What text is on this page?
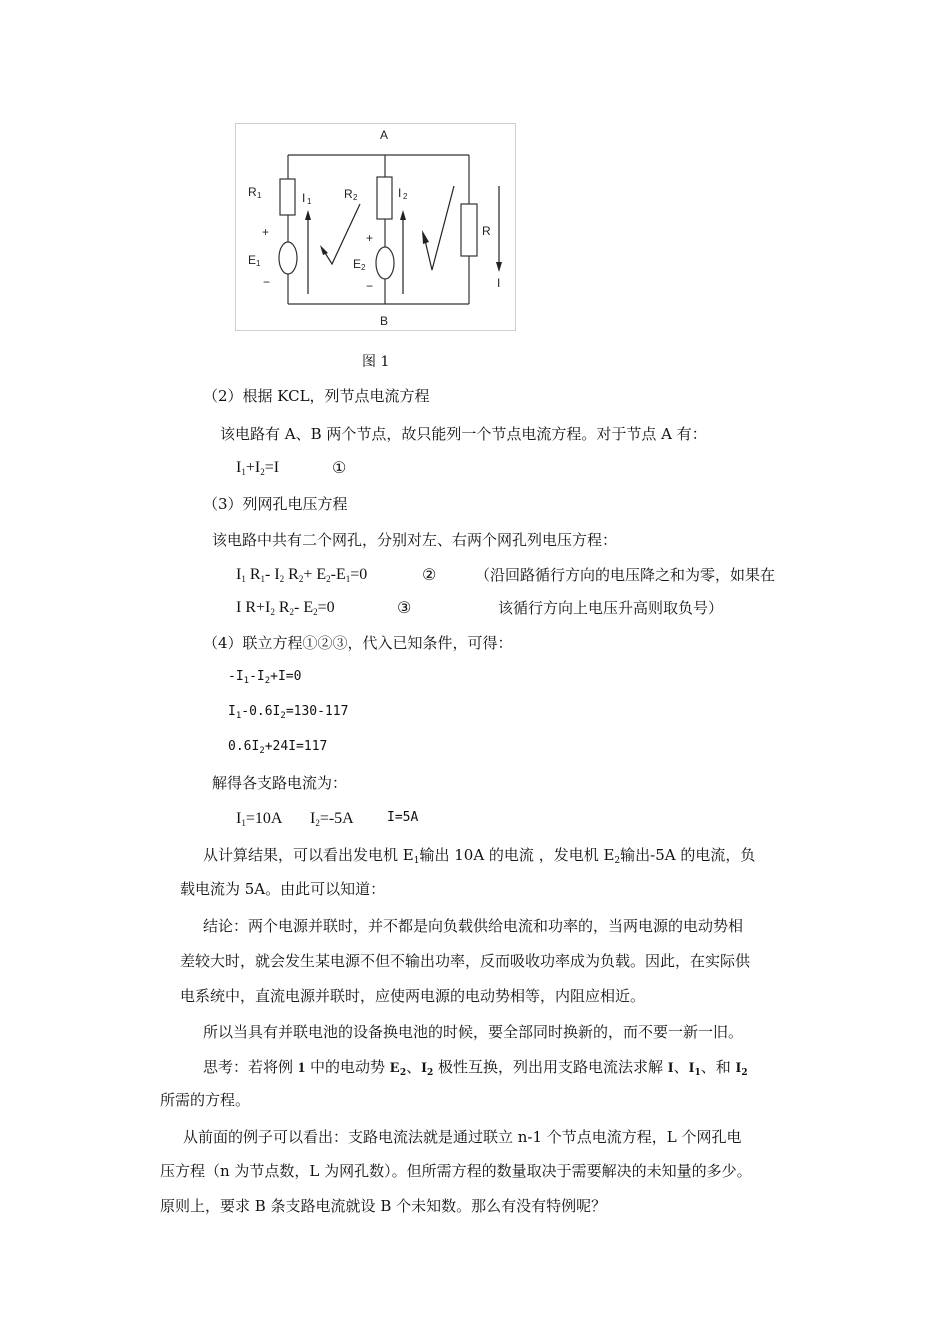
A
B
R 1	I 1
R 2	I 2
R
I
+
E 1
−
+
E 2
−
图 1
（2）根据 KCL，列节点电流方程
该电路有 A、B 两个节点，故只能列一个节点电流方程。对于节点 A 有：
$I_1+I_2=I$	①
（3）列网孔电压方程
该电路中共有二个网孔，分别对左、右两个网孔列电压方程：
$I_1$ $R_1-$ $I_2$ $R_2+ E_2-E_1=0$	②	（沿回路循行方向的电压降之和为零，如果在
I $R+I_2$ $R_2-$ $E_2=0$	③	该循行方向上电压升高则取负号）
（4）联立方程①②③，代入已知条件，可得：
$-I_1-I_2+I=0$
$I_1-0.6I_2=130-117$
$0.6I_2+24I=117$
解得各支路电流为：
$I_1=10A$ $I_2=-5A$	I=5A
从计算结果，可以看出发电机 $E_1$输出 10A 的电流 ，发电机 $E_2$输出-5A 的电流，负
载电流为 5A。由此可以知道：
结论：两个电源并联时，并不都是向负载供给电流和功率的，当两电源的电动势相
差较大时，就会发生某电源不但不输出功率，反而吸收功率成为负载。因此，在实际供
电系统中，直流电源并联时，应使两电源的电动势相等，内阻应相近。
所以当具有并联电池的设备换电池的时候，要全部同时换新的，而不要一新一旧。
思考：若将例 1 中的电动势 $E_2$、$I_2$ 极性互换，列出用支路电流法求解 I、$I_1$、和 $I_2$
所需的方程。
从前面的例子可以看出：支路电流法就是通过联立 n-1 个节点电流方程，L 个网孔电
压方程（n 为节点数，L 为网孔数）。但所需方程的数量取决于需要解决的未知量的多少。
原则上，要求 B 条支路电流就设 B 个未知数。那么有没有特例呢？
